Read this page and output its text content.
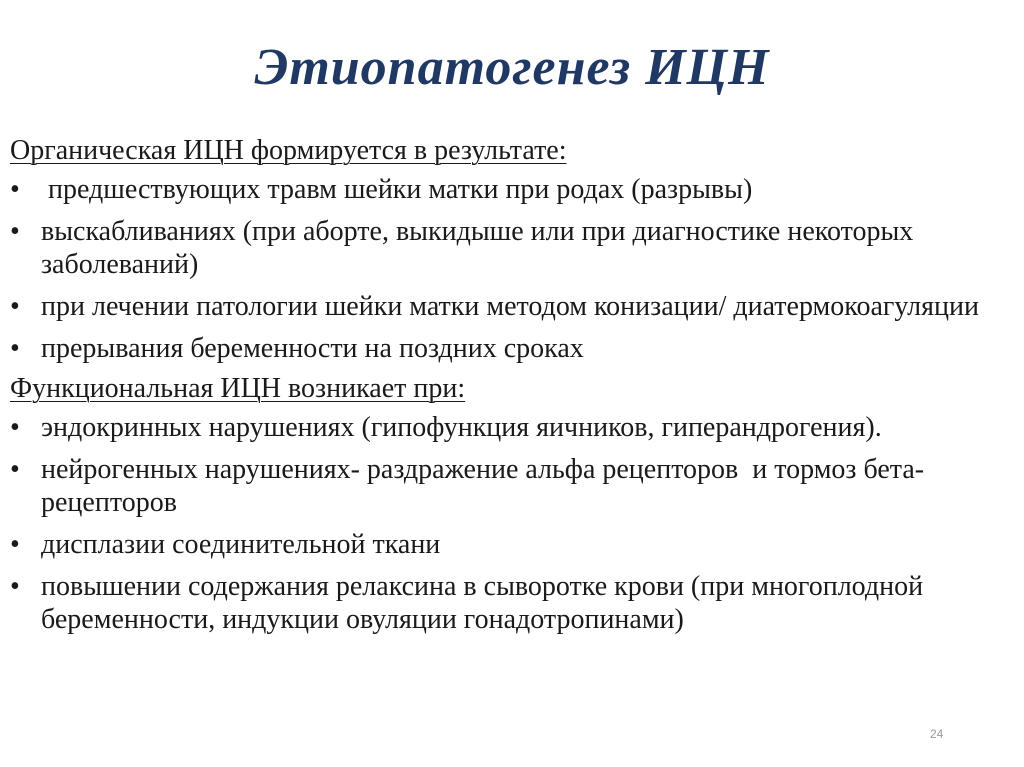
Этиопатогенез ИЦН
Органическая ИЦН формируется в результате:
• предшествующих травм шейки матки при родах (разрывы)
• выскабливаниях (при аборте, выкидыше или при диагностике некоторых заболеваний)
• при лечении патологии шейки матки методом конизации/ диатермокоагуляции
• прерывания беременности на поздних сроках
Функциональная ИЦН возникает при:
• эндокринных нарушениях (гипофункция яичников, гиперандрогения).
• нейрогенных нарушениях- раздражение альфа рецепторов  и тормоз бета-рецепторов
• дисплазии соединительной ткани
• повышении содержания релаксина в сыворотке крови (при многоплодной беременности, индукции овуляции гонадотропинами)
24
